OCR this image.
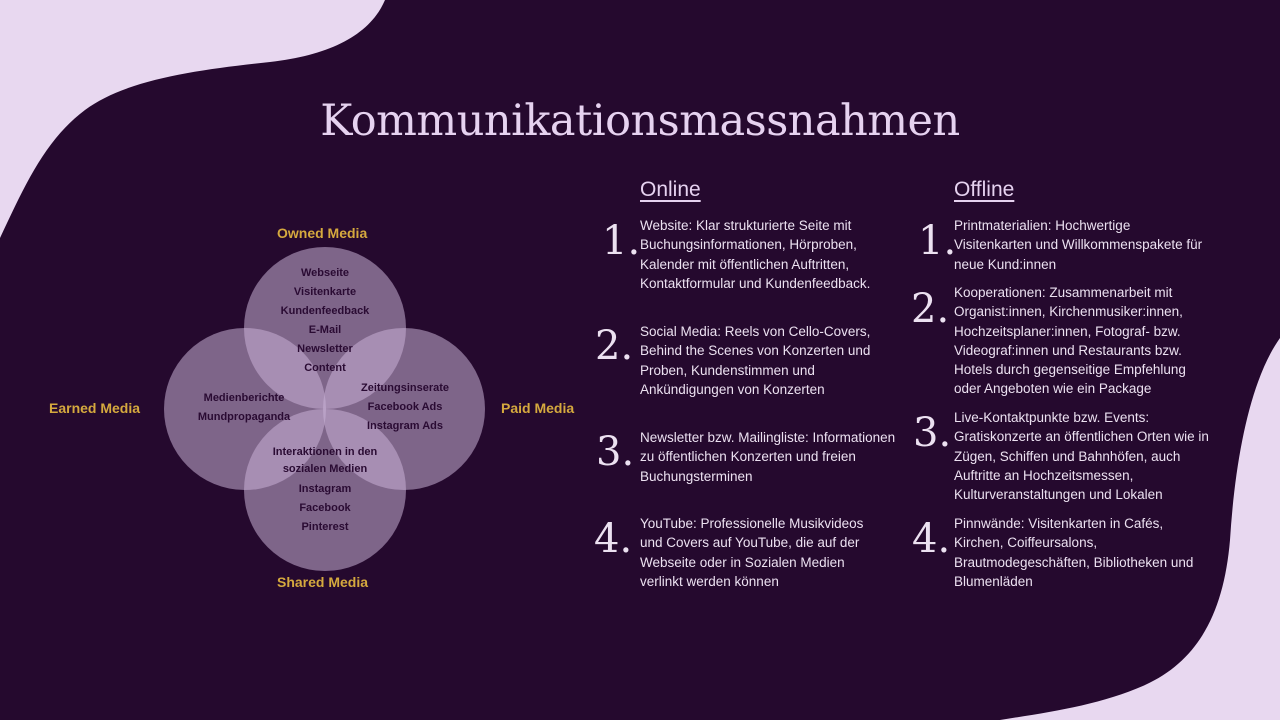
Kommunikationsmassnahmen
Owned Media
Earned Media	Paid Media
Shared Media
Webseite
Visitenkarte
Kundenfeedback
E-Mail
Newsletter
Content
Medienberichte
Mundpropaganda
Zeitungsinserate
Facebook Ads
Instagram Ads
Interaktionen in den
sozialen Medien
Instagram
Facebook
Pinterest
Online
1. Website: Klar strukturierte Seite mit Buchungsinformationen, Hörproben, Kalender mit öffentlichen Auftritten, Kontaktformular und Kundenfeedback.
2. Social Media: Reels von Cello-Covers, Behind the Scenes von Konzerten und Proben, Kundenstimmen und Ankündigungen von Konzerten
3. Newsletter bzw. Mailingliste: Informationen zu öffentlichen Konzerten und freien Buchungsterminen
4. YouTube: Professionelle Musikvideos und Covers auf YouTube, die auf der Webseite oder in Sozialen Medien verlinkt werden können
Offline
1.
Printmaterialien: Hochwertige Visitenkarten und Willkommenspakete für neue Kund:innen
2. Kooperationen: Zusammenarbeit mit Organist:innen, Kirchenmusiker:innen, Hochzeitsplaner:innen, Fotograf- bzw. Videograf:innen und Restaurants bzw. Hotels durch gegenseitige Empfehlung oder Angeboten wie ein Package
3. Live-Kontaktpunkte bzw. Events: Gratiskonzerte an öffentlichen Orten wie in Zügen, Schiffen und Bahnhöfen, auch Auftritte an Hochzeitsmessen, Kulturveranstaltungen und Lokalen
4. Pinnwände: Visitenkarten in Cafés, Kirchen, Coiffeursalons, Brautmodegeschäften, Bibliotheken und Blumenläden
